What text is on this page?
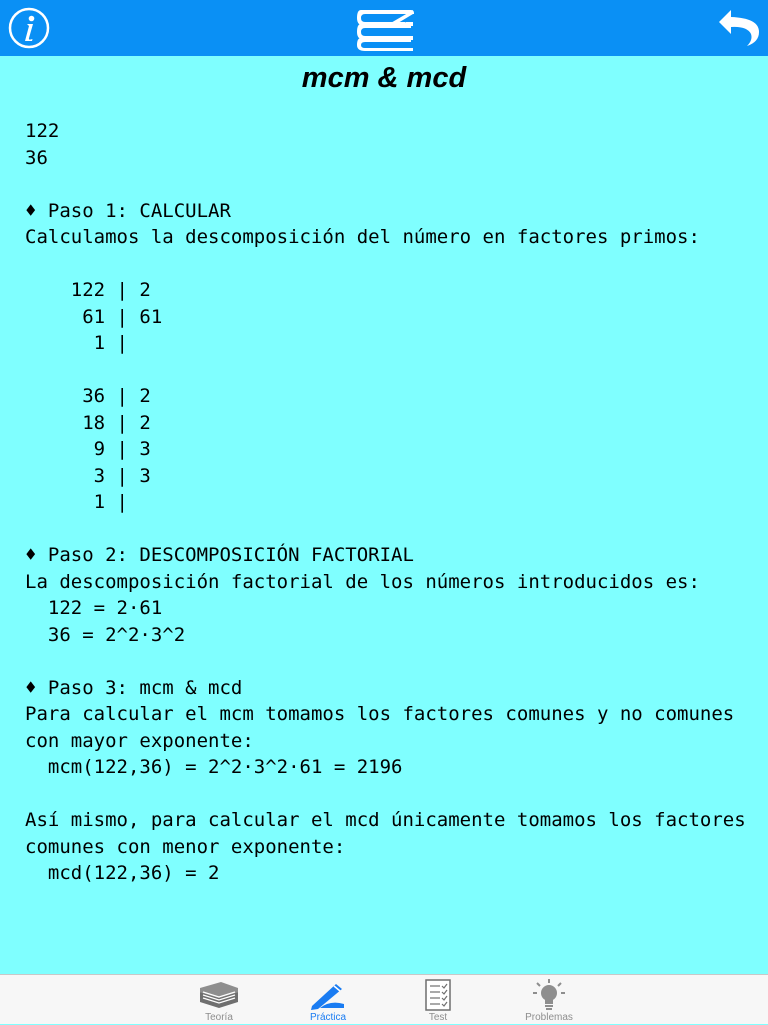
mcm & mcd
122
36

♦ Paso 1: CALCULAR
Calculamos la descomposición del número en factores primos:

122 | 2
61 | 61
1 |

36 | 2
18 | 2
9 | 3
3 | 3
1 |

♦ Paso 2: DESCOMPOSICIÓN FACTORIAL
La descomposición factorial de los números introducidos es:
122 = 2·61
36 = 2^2·3^2

♦ Paso 3: mcm & mcd
Para calcular el mcm tomamos los factores comunes y no comunes
con mayor exponente:
mcm(122,36) = 2^2·3^2·61 = 2196

Así mismo, para calcular el mcd únicamente tomamos los factores
comunes con menor exponente:
mcd(122,36) = 2
Teoría	Práctica	Test	Problemas
